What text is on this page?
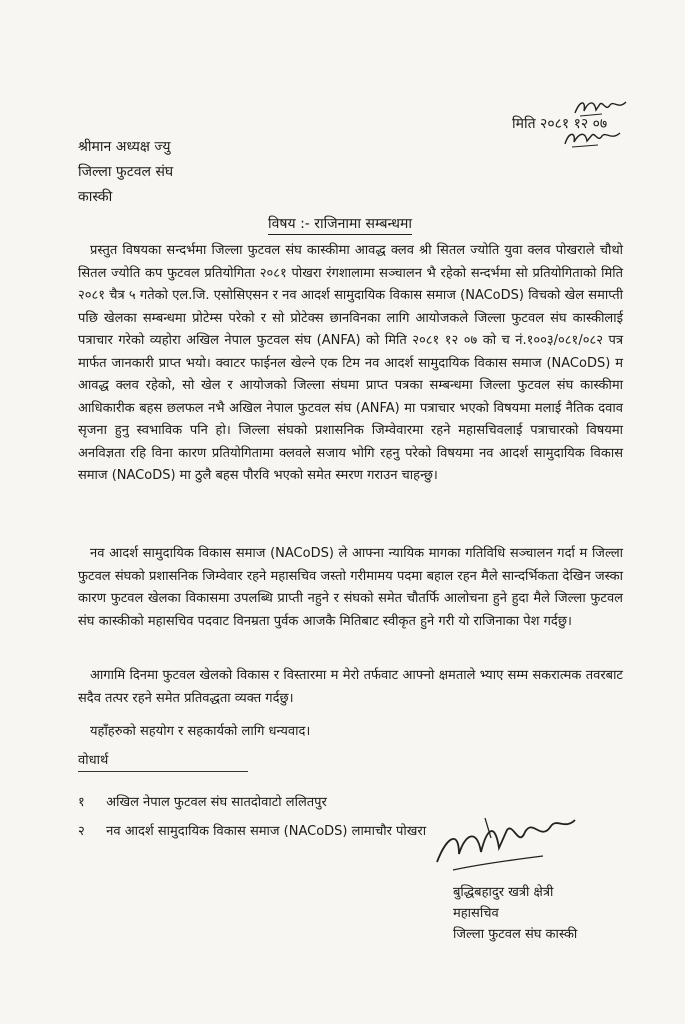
मिति २०८१ १२ ०७
श्रीमान अध्यक्ष ज्यु
जिल्ला फुटवल संघ
कास्की
विषय :- राजिनामा सम्बन्धमा

प्रस्तुत विषयका सन्दर्भमा जिल्ला फुटवल संघ कास्कीमा आवद्ध क्लव श्री सितल ज्योति युवा क्लव पोखराले चौथो सितल ज्योति कप फुटवल प्रतियोगिता २०८१ पोखरा रंगशालामा सञ्चालन भै रहेको सन्दर्भमा सो प्रतियोगिताको मिति २०८१ चैत्र ५ गतेको एल.जि. एसोसिएसन र नव आदर्श सामुदायिक विकास समाज (NACoDS) विचको खेल समाप्ती पछि खेलका सम्बन्धमा प्रोटेम्स परेको र सो प्रोटेक्स छानविनका लागि आयोजकले जिल्ला फुटवल संघ कास्कीलाई पत्राचार गरेको व्यहोरा अखिल नेपाल फुटवल संघ (ANFA) को मिति २०८१ १२ ०७ को च नं.१००३/०८१/०८२ पत्र मार्फत जानकारी प्राप्त भयो। क्वाटर फाईनल खेल्ने एक टिम नव आदर्श सामुदायिक विकास समाज (NACoDS) म आवद्ध क्लव रहेको, सो खेल र आयोजको जिल्ला संघमा प्राप्त पत्रका सम्बन्धमा जिल्ला फुटवल संघ कास्कीमा आधिकारीक बहस छलफल नभै अखिल नेपाल फुटवल संघ (ANFA) मा पत्राचार भएको विषयमा मलाई नैतिक दवाव सृजना हुनु स्वभाविक पनि हो। जिल्ला संघको प्रशासनिक जिम्वेवारमा रहने महासचिवलाई पत्राचारको विषयमा अनविज्ञता रहि विना कारण प्रतियोगितामा क्लवले सजाय भोगि रहनु परेको विषयमा नव आदर्श सामुदायिक विकास समाज (NACoDS) मा ठुलै बहस पौरवि भएको समेत स्मरण गराउन चाहन्छु।

नव आदर्श सामुदायिक विकास समाज (NACoDS) ले आफ्ना न्यायिक मागका गतिविधि सञ्चालन गर्दा म जिल्ला फुटवल संघको प्रशासनिक जिम्वेवार रहने महासचिव जस्तो गरीमामय पदमा बहाल रहन मैले सान्दर्भिकता देखिन जस्का कारण फुटवल खेलका विकासमा उपलब्धि प्राप्ती नहुने र संघको समेत चौतर्फि आलोचना हुने हुदा मैले जिल्ला फुटवल संघ कास्कीको महासचिव पदवाट विनम्रता पुर्वक आजकै मितिबाट स्वीकृत हुने गरी यो राजिनाका पेश गर्दछु।

आगामि दिनमा फुटवल खेलको विकास र विस्तारमा म मेरो तर्फवाट आफ्नो क्षमताले भ्याए सम्म सकरात्मक तवरबाट सदैव तत्पर रहने समेत प्रतिवद्धता व्यक्त गर्दछु।

यहाँहरुको सहयोग र सहकार्यको लागि धन्यवाद।

वोधार्थ
१ अखिल नेपाल फुटवल संघ सातदोवाटो ललितपुर
२ नव आदर्श सामुदायिक विकास समाज (NACoDS) लामाचौर पोखरा
बुद्धिबहादुर खत्री क्षेत्री
महासचिव
जिल्ला फुटवल संघ कास्की
